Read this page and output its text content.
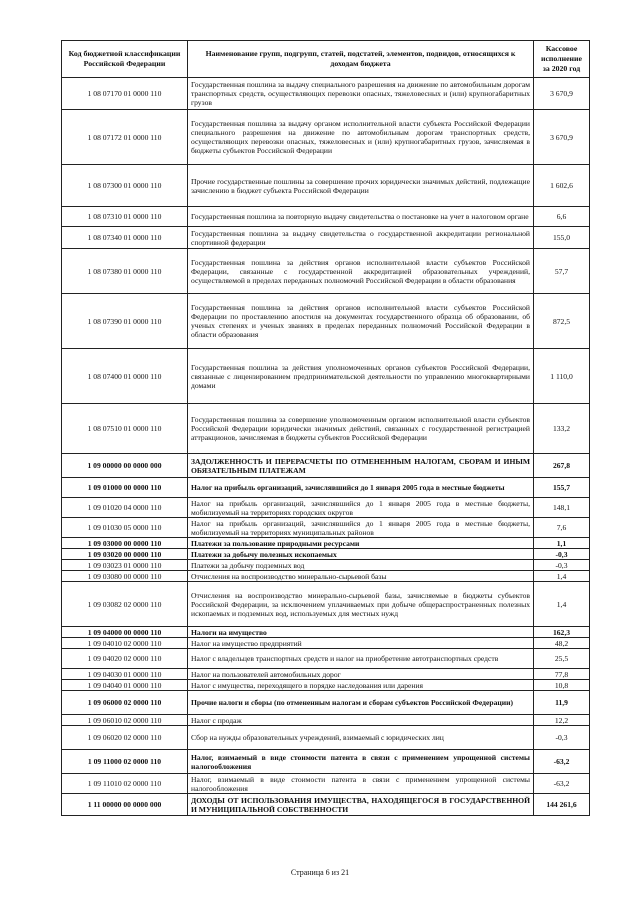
Код бюджетной классификации Российской Федерации	Наименование групп, подгрупп, статей, подстатей, элементов, подвидов, относящихся к доходам бюджета	Кассовое исполнение за 2020 год
1 08 07170 01 0000 110	Государственная пошлина за выдачу специального разрешения на движение по автомобильным дорогам транспортных средств, осуществляющих перевозки опасных, тяжеловесных и (или) крупногабаритных грузов	3 670,9
1 08 07172 01 0000 110	Государственная пошлина за выдачу органом исполнительной власти субъекта Российской Федерации специального разрешения на движение по автомобильным дорогам транспортных средств, осуществляющих перевозки опасных, тяжеловесных и (или) крупногабаритных грузов, зачисляемая в бюджеты субъектов Российской Федерации	3 670,9
1 08 07300 01 0000 110	Прочие государственные пошлины за совершение прочих юридически значимых действий, подлежащие зачислению в бюджет субъекта Российской Федерации	1 602,6
1 08 07310 01 0000 110	Государственная пошлина за повторную выдачу свидетельства о постановке на учет в налоговом органе	6,6
1 08 07340 01 0000 110	Государственная пошлина за выдачу свидетельства о государственной аккредитации региональной спортивной федерации	155,0
1 08 07380 01 0000 110	Государственная пошлина за действия органов исполнительной власти субъектов Российской Федерации, связанные с государственной аккредитацией образовательных учреждений, осуществляемой в пределах переданных полномочий Российской Федерации в области образования	57,7
1 08 07390 01 0000 110	Государственная пошлина за действия органов исполнительной власти субъектов Российской Федерации по проставлению апостиля на документах государственного образца об образовании, об ученых степенях и ученых званиях в пределах переданных полномочий Российской Федерации в области образования	872,5
1 08 07400 01 0000 110	Государственная пошлина за действия уполномоченных органов субъектов Российской Федерации, связанные с лицензированием предпринимательской деятельности по управлению многоквартирными домами	1 110,0
1 08 07510 01 0000 110	Государственная пошлина за совершение уполномоченным органом исполнительной власти субъектов Российской Федерации юридически значимых действий, связанных с государственной регистрацией аттракционов, зачисляемая в бюджеты субъектов Российской Федерации	133,2
1 09 00000 00 0000 000	ЗАДОЛЖЕННОСТЬ И ПЕРЕРАСЧЕТЫ ПО ОТМЕНЕННЫМ НАЛОГАМ, СБОРАМ И ИНЫМ ОБЯЗАТЕЛЬНЫМ ПЛАТЕЖАМ	267,8
1 09 01000 00 0000 110	Налог на прибыль организаций, зачислявшийся до 1 января 2005 года в местные бюджеты	155,7
1 09 01020 04 0000 110	Налог на прибыль организаций, зачислявшийся до 1 января 2005 года в местные бюджеты, мобилизуемый на территориях городских округов	148,1
1 09 01030 05 0000 110	Налог на прибыль организаций, зачислявшийся до 1 января 2005 года в местные бюджеты, мобилизуемый на территориях муниципальных районов	7,6
1 09 03000 00 0000 110	Платежи за пользование природными ресурсами	1,1
1 09 03020 00 0000 110	Платежи за добычу полезных ископаемых	-0,3
1 09 03023 01 0000 110	Платежи за добычу подземных вод	-0,3
1 09 03080 00 0000 110	Отчисления на воспроизводство минерально-сырьевой базы	1,4
1 09 03082 02 0000 110	Отчисления на воспроизводство минерально-сырьевой базы, зачисляемые в бюджеты субъектов Российской Федерации, за исключением уплачиваемых при добыче общераспространенных полезных ископаемых и подземных вод, используемых для местных нужд	1,4
1 09 04000 00 0000 110	Налоги на имущество	162,3
1 09 04010 02 0000 110	Налог на имущество предприятий	48,2
1 09 04020 02 0000 110	Налог с владельцев транспортных средств и налог на приобретение автотранспортных средств	25,5
1 09 04030 01 0000 110	Налог на пользователей автомобильных дорог	77,8
1 09 04040 01 0000 110	Налог с имущества, переходящего в порядке наследования или дарения	10,8
1 09 06000 02 0000 110	Прочие налоги и сборы (по отмененным налогам и сборам субъектов Российской Федерации)	11,9
1 09 06010 02 0000 110	Налог с продаж	12,2
1 09 06020 02 0000 110	Сбор на нужды образовательных учреждений, взимаемый с юридических лиц	-0,3
1 09 11000 02 0000 110	Налог, взимаемый в виде стоимости патента в связи с применением упрощенной системы налогообложения	-63,2
1 09 11010 02 0000 110	Налог, взимаемый в виде стоимости патента в связи с применением упрощенной системы налогообложения	-63,2
1 11 00000 00 0000 000	ДОХОДЫ ОТ ИСПОЛЬЗОВАНИЯ ИМУЩЕСТВА, НАХОДЯЩЕГОСЯ В ГОСУДАРСТВЕННОЙ И МУНИЦИПАЛЬНОЙ СОБСТВЕННОСТИ	144 261,6
Страница 6 из 21
